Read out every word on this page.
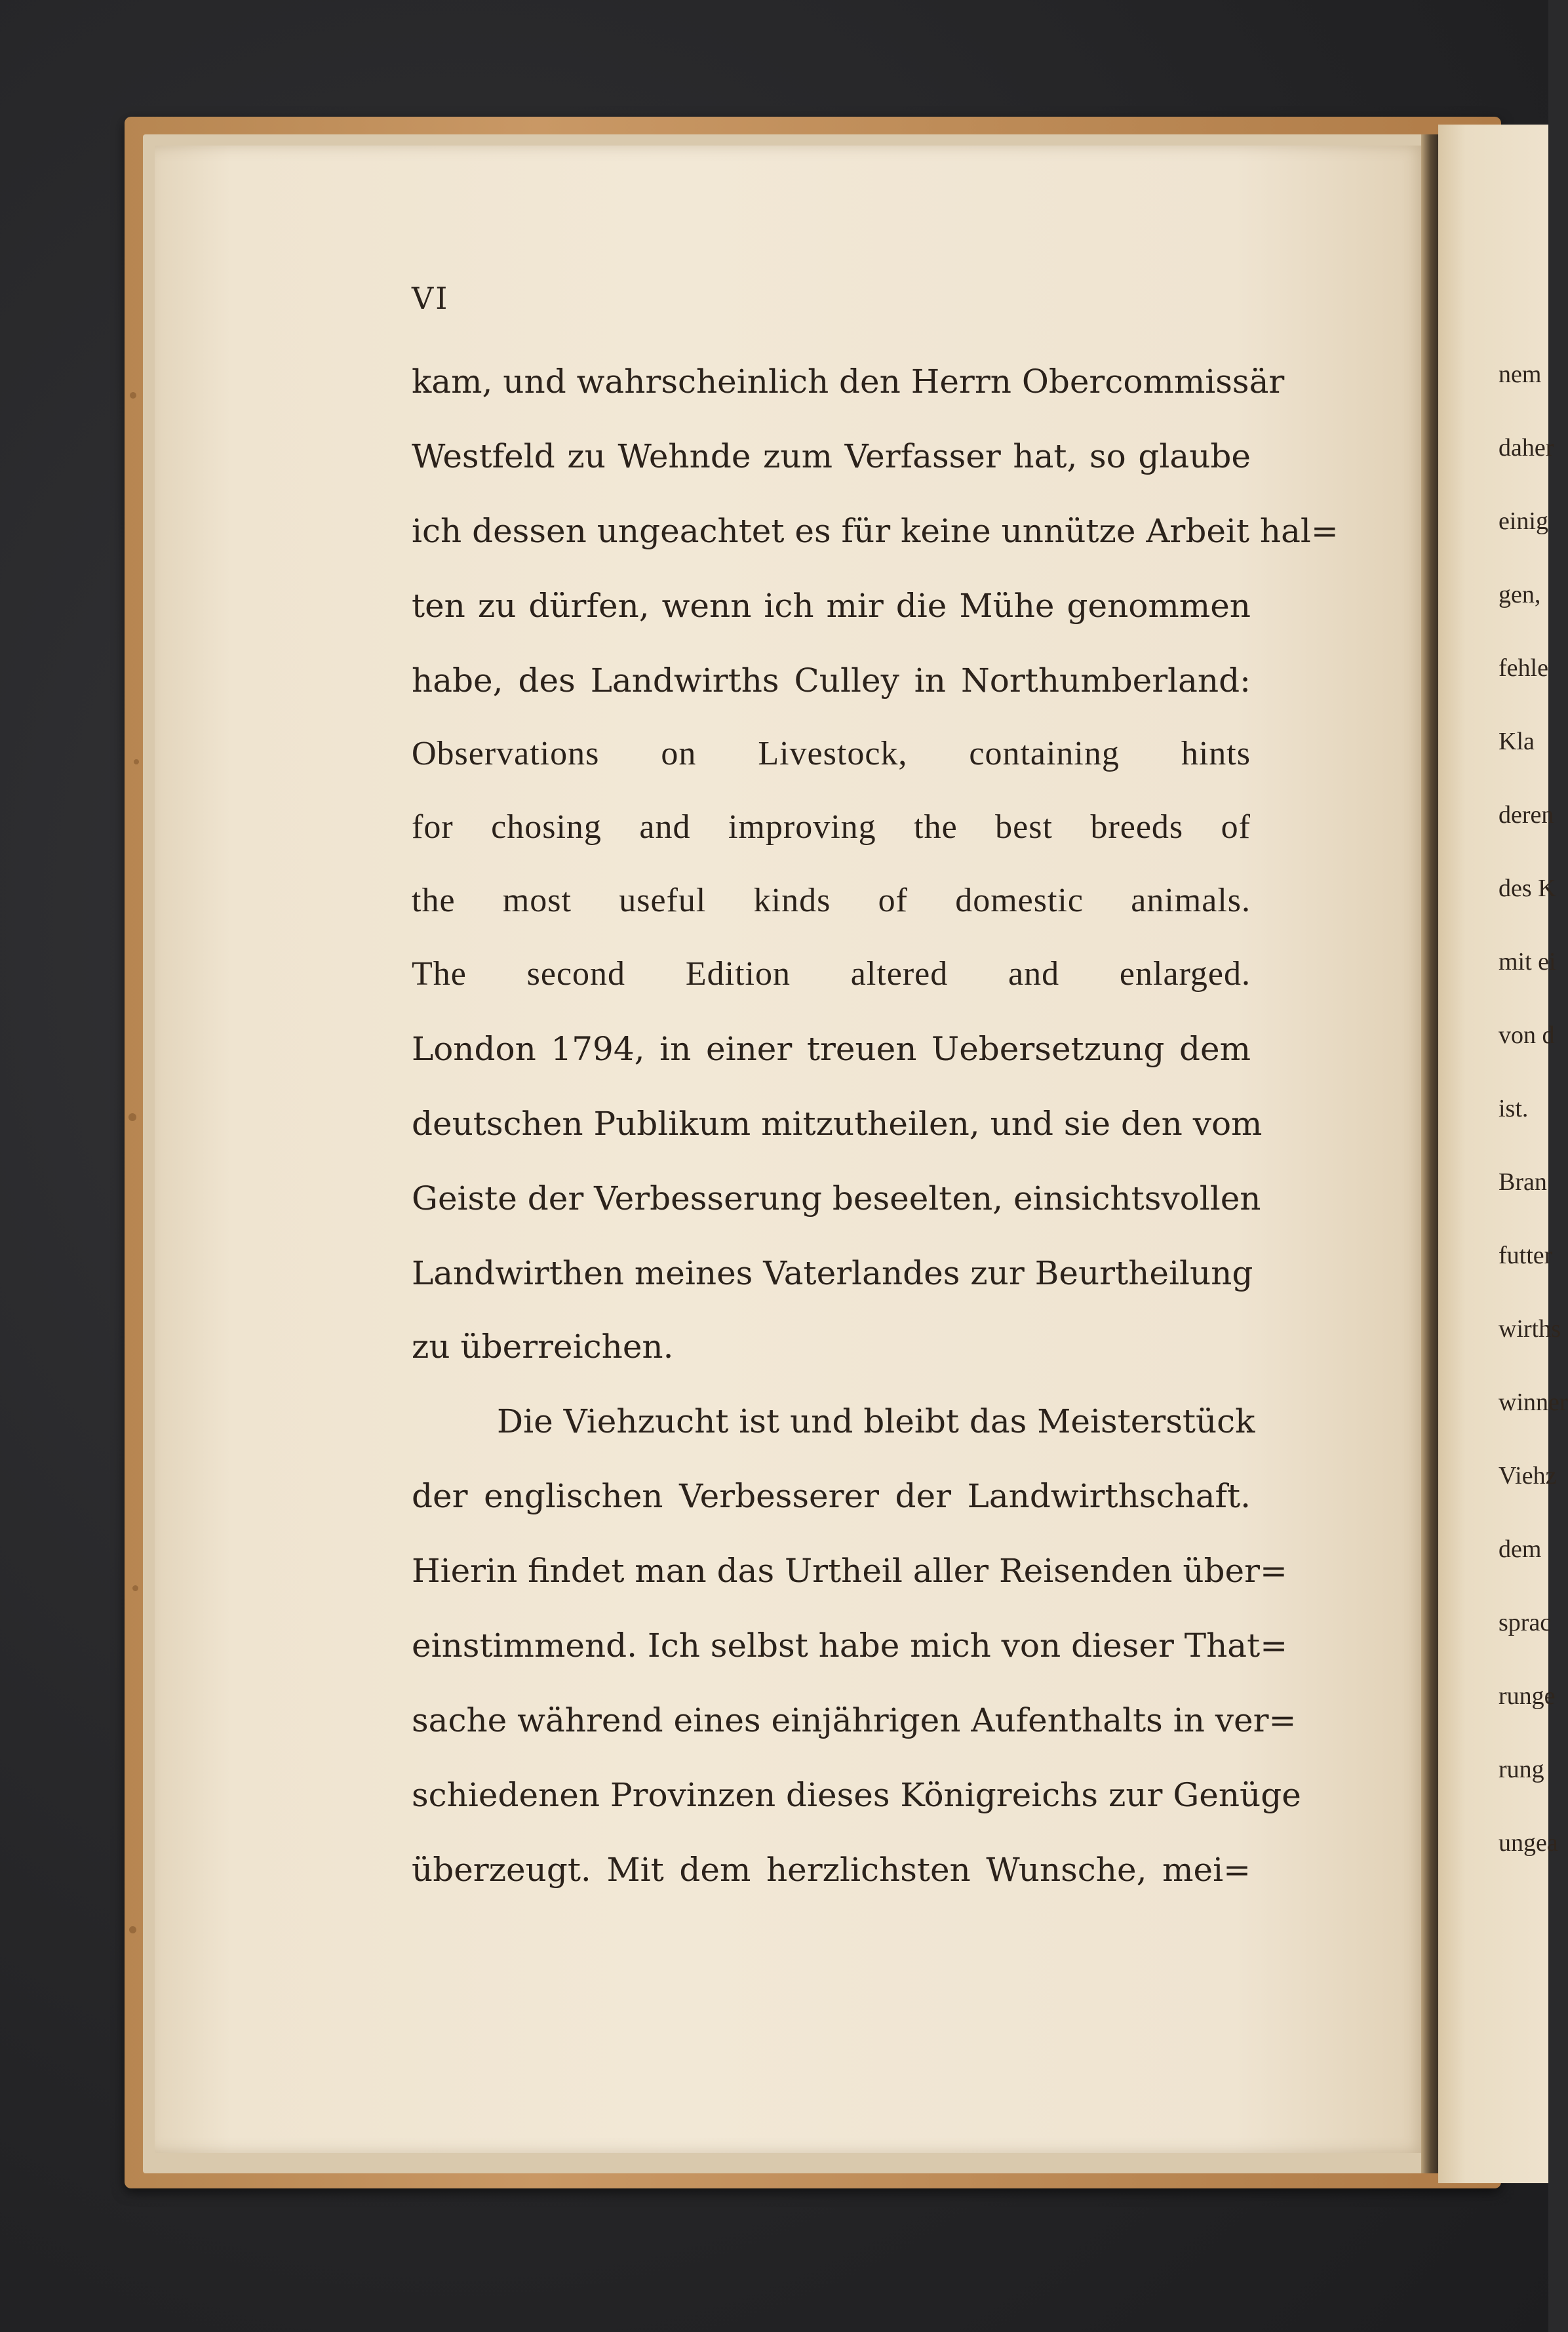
VI

kam, und wahrscheinlich den Herrn Obercommissär

Westfeld zu Wehnde zum Verfasser hat, so glaube

ich dessen ungeachtet es für keine unnütze Arbeit hal=

ten zu dürfen, wenn ich mir die Mühe genommen

habe, des Landwirths Culley in Northumberland:

Observations on Livestock, containing hints

for chosing and improving the best breeds of

the most useful kinds of domestic animals.

The second Edition altered and enlarged.

London 1794, in einer treuen Uebersetzung dem

deutschen Publikum mitzutheilen, und sie den vom

Geiste der Verbesserung beseelten, einsichtsvollen

Landwirthen meines Vaterlandes zur Beurtheilung

zu überreichen.

Die Viehzucht ist und bleibt das Meisterstück

der englischen Verbesserer der Landwirthschaft.

Hierin findet man das Urtheil aller Reisenden über=

einstimmend. Ich selbst habe mich von dieser That=

sache während eines einjährigen Aufenthalts in ver=

schiedenen Provinzen dieses Königreichs zur Genüge

überzeugt. Mit dem herzlichsten Wunsche, mei=

nem

daher

einig

gen,

fehle

Kla

deren

des K

mit ei

von d

ist.

Bran

futter

wirths

winner

Viehz

dem

sprac

runge

rung

ungea
